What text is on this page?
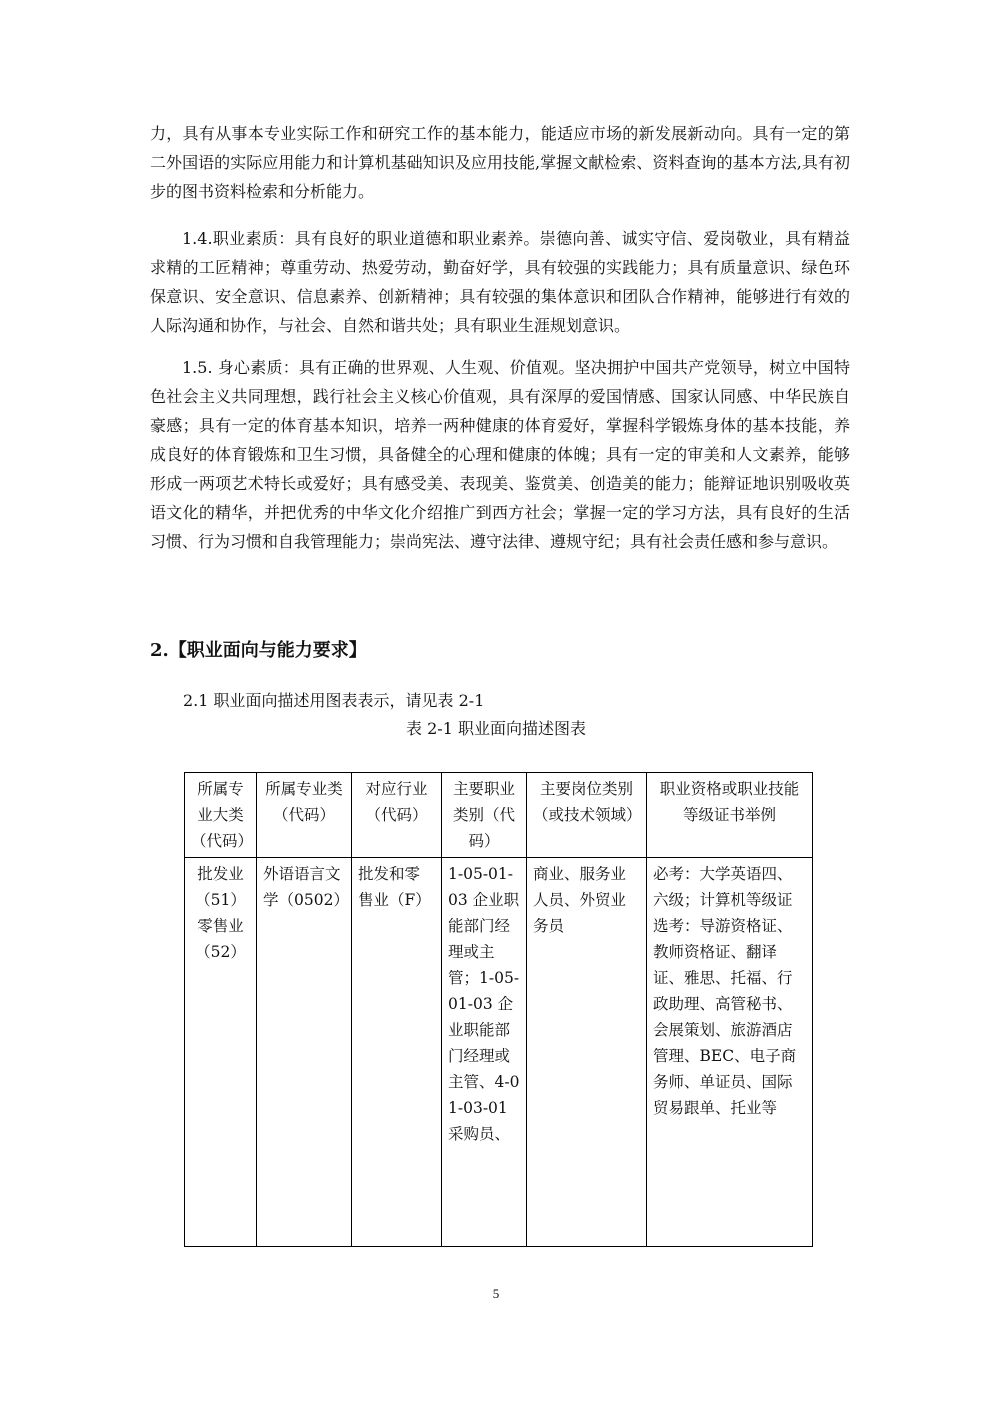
力，具有从事本专业实际工作和研究工作的基本能力，能适应市场的新发展新动向。具有一定的第二外国语的实际应用能力和计算机基础知识及应用技能,掌握文献检索、资料查询的基本方法,具有初步的图书资料检索和分析能力。

1.4.职业素质：具有良好的职业道德和职业素养。崇德向善、诚实守信、爱岗敬业，具有精益求精的工匠精神；尊重劳动、热爱劳动，勤奋好学，具有较强的实践能力；具有质量意识、绿色环保意识、安全意识、信息素养、创新精神；具有较强的集体意识和团队合作精神，能够进行有效的人际沟通和协作，与社会、自然和谐共处；具有职业生涯规划意识。

1.5. 身心素质：具有正确的世界观、人生观、价值观。坚决拥护中国共产党领导，树立中国特色社会主义共同理想，践行社会主义核心价值观，具有深厚的爱国情感、国家认同感、中华民族自豪感；具有一定的体育基本知识，培养一两种健康的体育爱好，掌握科学锻炼身体的基本技能，养成良好的体育锻炼和卫生习惯，具备健全的心理和健康的体魄；具有一定的审美和人文素养，能够形成一两项艺术特长或爱好；具有感受美、表现美、鉴赏美、创造美的能力；能辩证地识别吸收英语文化的精华，并把优秀的中华文化介绍推广到西方社会；掌握一定的学习方法，具有良好的生活习惯、行为习惯和自我管理能力；崇尚宪法、遵守法律、遵规守纪；具有社会责任感和参与意识。

2.【职业面向与能力要求】

2.1 职业面向描述用图表表示，请见表 2-1

表 2-1 职业面向描述图表

所属专业大类（代码）	所属专业类（代码）	对应行业（代码）	主要职业类别（代码）	主要岗位类别（或技术领域）	职业资格或职业技能等级证书举例
批发业（51）零售业（52）	外语语言文学（0502）	批发和零售业（F）	1-05-01-03 企业职能部门经理或主管；1-05-01-03 企业职能部门经理或主管、4-01-03-01 采购员、	商业、服务业人员、外贸业务员	必考：大学英语四、六级；计算机等级证选考：导游资格证、教师资格证、翻译证、雅思、托福、行政助理、高管秘书、会展策划、旅游酒店管理、BEC、电子商务师、单证员、国际贸易跟单、托业等

5
